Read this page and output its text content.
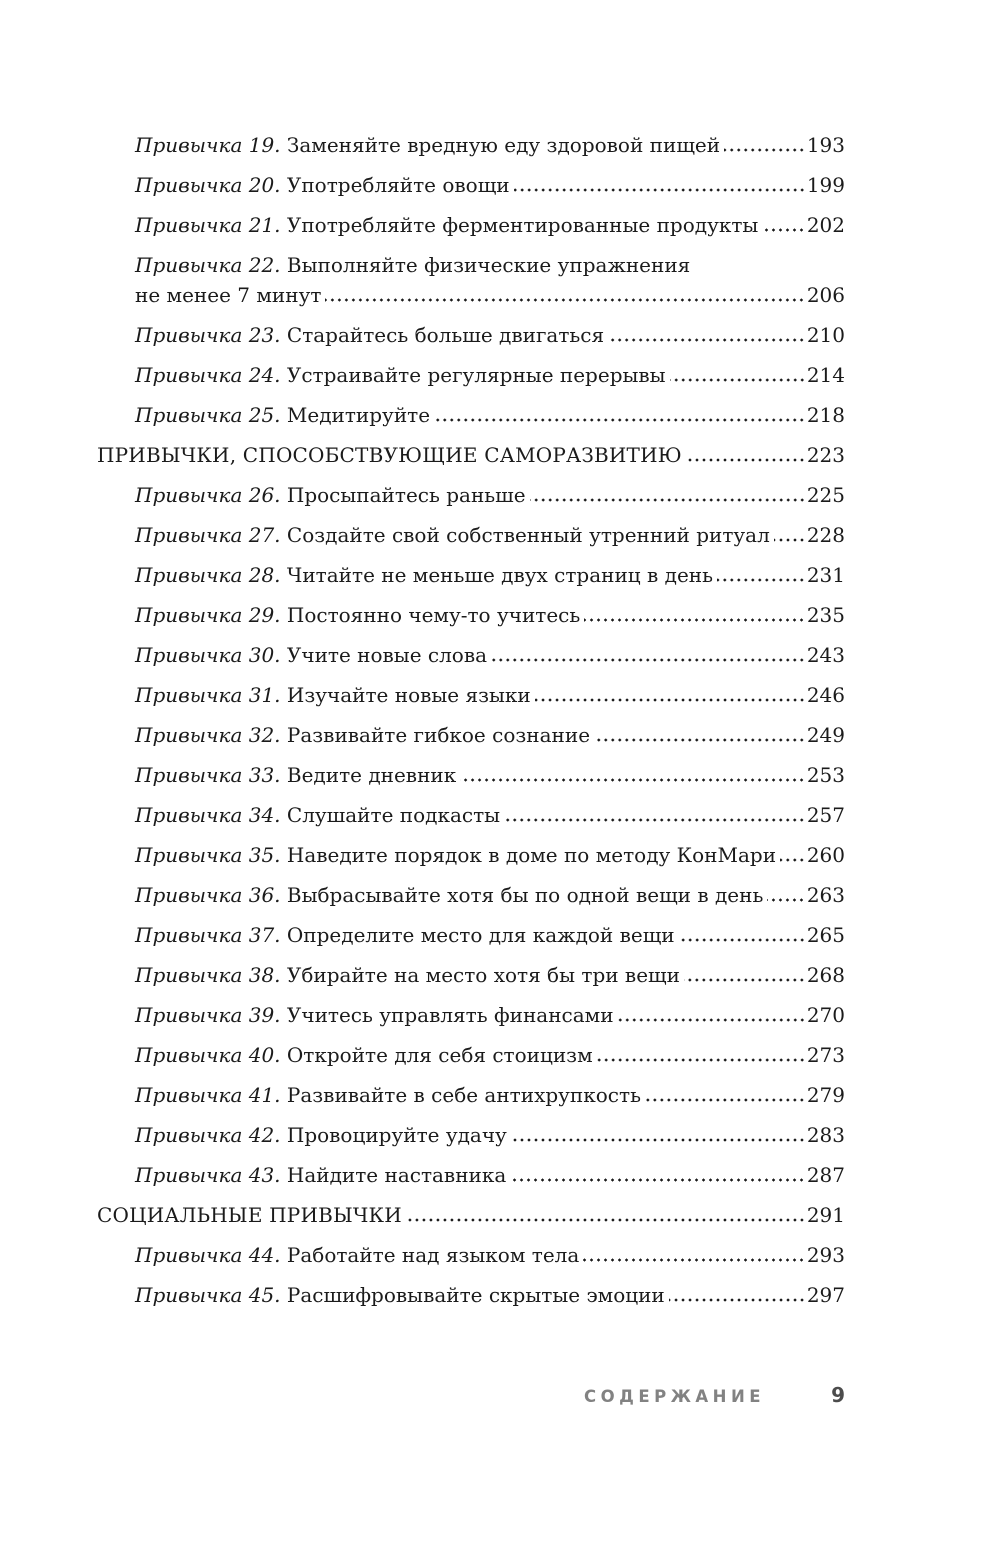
Привычка 19. Заменяйте вредную еду здоровой пищей	193
Привычка 20. Употребляйте овощи	199
Привычка 21. Употребляйте ферментированные продукты 202
Привычка 22. Выполняйте физические упражнения
не менее 7 минут	206
Привычка 23. Старайтесь больше двигаться	210
Привычка 24. Устраивайте регулярные перерывы	214
Привычка 25. Медитируйте	218
ПРИВЫЧКИ, СПОСОБСТВУЮЩИЕ САМОРАЗВИТИЮ	223
Привычка 26. Просыпайтесь раньше	225
Привычка 27. Создайте свой собственный утренний ритуал 228
Привычка 28. Читайте не меньше двух страниц в день	231
Привычка 29. Постоянно чему-то учитесь	235
Привычка 30. Учите новые слова	243
Привычка 31. Изучайте новые языки	246
Привычка 32. Развивайте гибкое сознание	249
Привычка 33. Ведите дневник	253
Привычка 34. Слушайте подкасты	257
Привычка 35. Наведите порядок в доме по методу КонМари 260
Привычка 36. Выбрасывайте хотя бы по одной вещи в день 263
Привычка 37. Определите место для каждой вещи	265
Привычка 38. Убирайте на место хотя бы три вещи	268
Привычка 39. Учитесь управлять финансами	270
Привычка 40. Откройте для себя стоицизм	273
Привычка 41. Развивайте в себе антихрупкость	279
Привычка 42. Провоцируйте удачу	283
Привычка 43. Найдите наставника	287
СОЦИАЛЬНЫЕ ПРИВЫЧКИ	291
Привычка 44. Работайте над языком тела	293
Привычка 45. Расшифровывайте скрытые эмоции	297
СОДЕРЖАНИЕ	9
